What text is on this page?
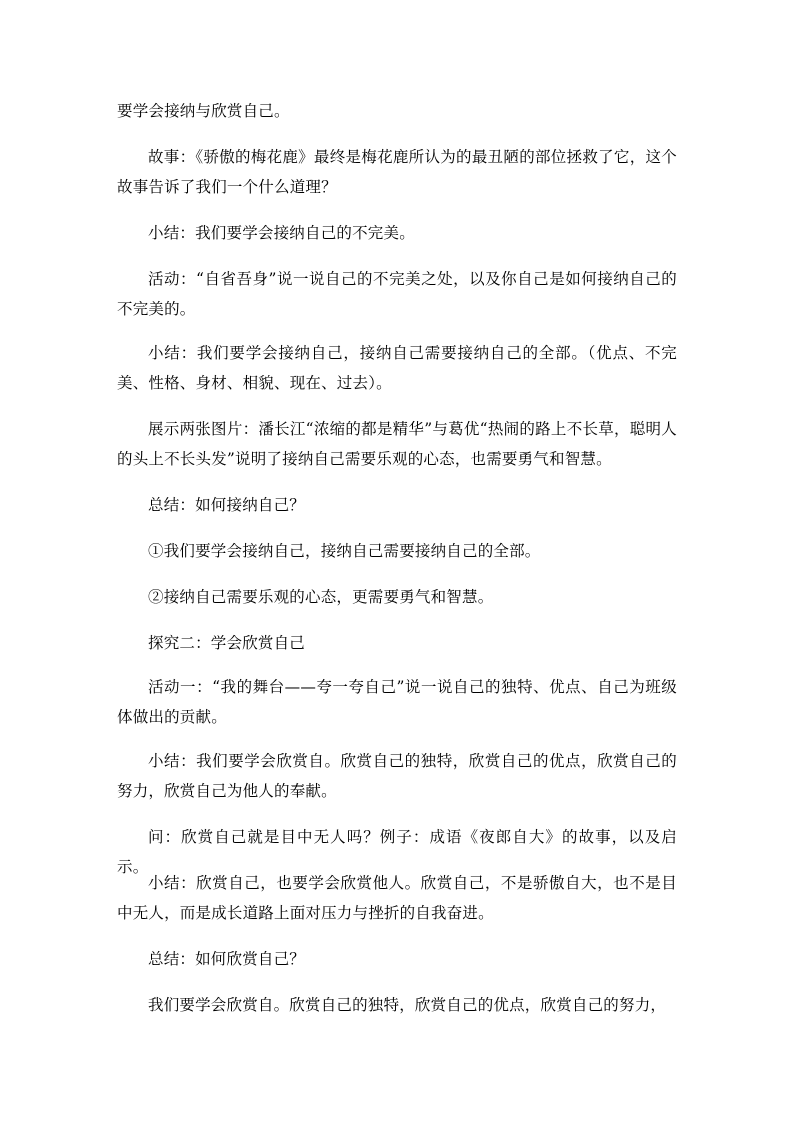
要学会接纳与欣赏自己。

故事：《骄傲的梅花鹿》最终是梅花鹿所认为的最丑陋的部位拯救了它，这个故事告诉了我们一个什么道理？

小结：我们要学会接纳自己的不完美。

活动：“自省吾身”说一说自己的不完美之处，以及你自己是如何接纳自己的不完美的。

小结：我们要学会接纳自己，接纳自己需要接纳自己的全部。（优点、不完美、性格、身材、相貌、现在、过去）。

展示两张图片：潘长江“浓缩的都是精华”与葛优“热闹的路上不长草，聪明人的头上不长头发”说明了接纳自己需要乐观的心态，也需要勇气和智慧。

总结：如何接纳自己？

①我们要学会接纳自己，接纳自己需要接纳自己的全部。

②接纳自己需要乐观的心态，更需要勇气和智慧。

探究二：学会欣赏自己

活动一：“我的舞台——夸一夸自己”说一说自己的独特、优点、自己为班级体做出的贡献。

小结：我们要学会欣赏自。欣赏自己的独特，欣赏自己的优点，欣赏自己的努力，欣赏自己为他人的奉献。

问：欣赏自己就是目中无人吗？例子：成语《夜郎自大》的故事，以及启示。

小结：欣赏自己，也要学会欣赏他人。欣赏自己，不是骄傲自大，也不是目中无人，而是成长道路上面对压力与挫折的自我奋进。

总结：如何欣赏自己？

我们要学会欣赏自。欣赏自己的独特，欣赏自己的优点，欣赏自己的努力，
